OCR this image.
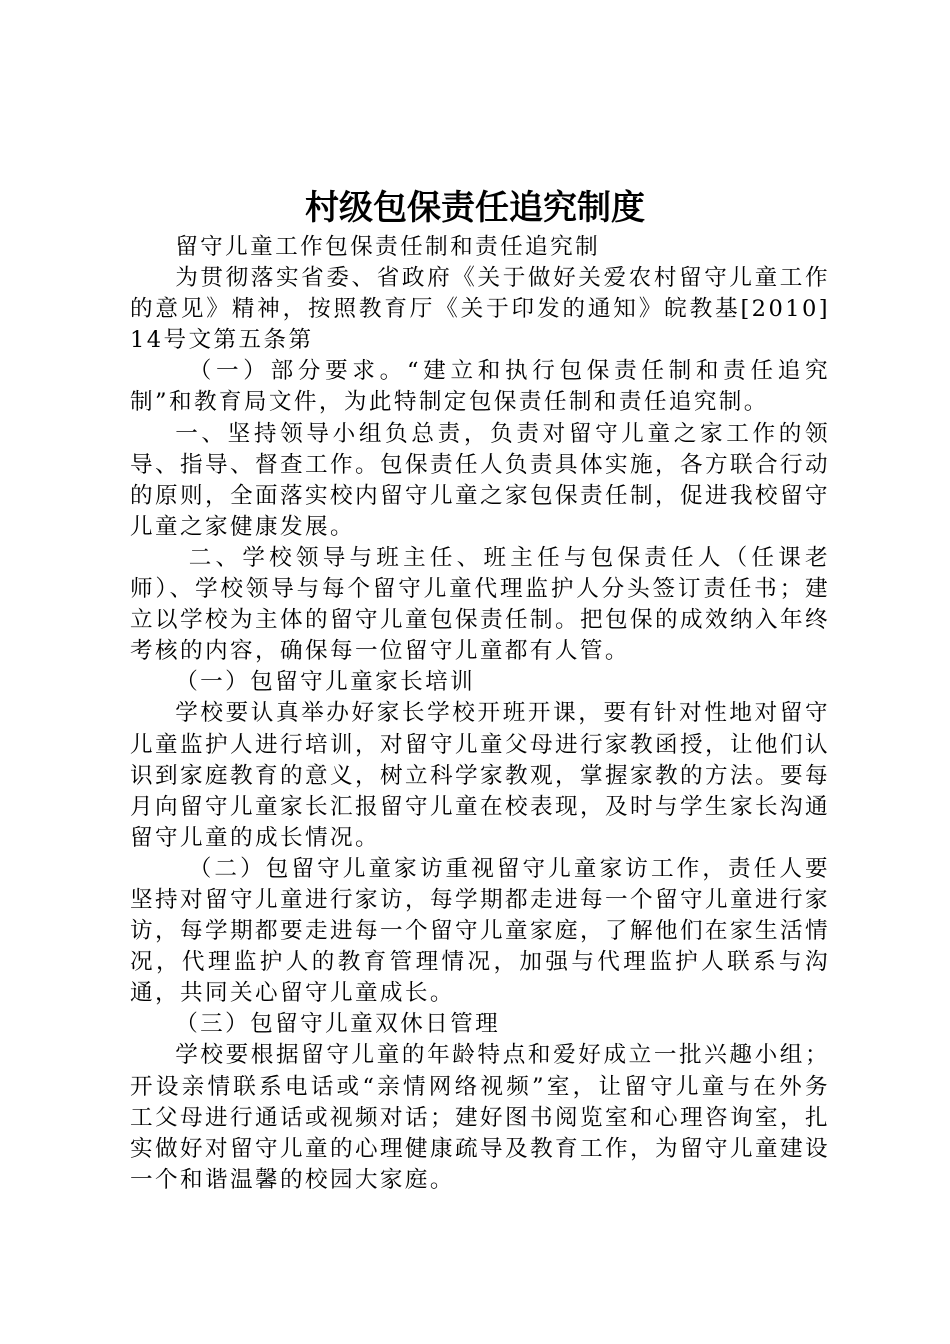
村级包保责任追究制度

留守儿童工作包保责任制和责任追究制

为贯彻落实省委、省政府《关于做好关爱农村留守儿童工作的意见》精神，按照教育厅《关于印发的通知》皖教基[2010]14号文第五条第

（一）部分要求。“建立和执行包保责任制和责任追究制”和教育局文件，为此特制定包保责任制和责任追究制。

一、坚持领导小组负总责，负责对留守儿童之家工作的领导、指导、督查工作。包保责任人负责具体实施，各方联合行动的原则，全面落实校内留守儿童之家包保责任制，促进我校留守儿童之家健康发展。

二、学校领导与班主任、班主任与包保责任人（任课老师）、学校领导与每个留守儿童代理监护人分头签订责任书；建立以学校为主体的留守儿童包保责任制。把包保的成效纳入年终考核的内容，确保每一位留守儿童都有人管。

（一）包留守儿童家长培训

学校要认真举办好家长学校开班开课，要有针对性地对留守儿童监护人进行培训，对留守儿童父母进行家教函授，让他们认识到家庭教育的意义，树立科学家教观，掌握家教的方法。要每月向留守儿童家长汇报留守儿童在校表现，及时与学生家长沟通留守儿童的成长情况。

（二）包留守儿童家访重视留守儿童家访工作，责任人要坚持对留守儿童进行家访，每学期都走进每一个留守儿童进行家访，每学期都要走进每一个留守儿童家庭，了解他们在家生活情况，代理监护人的教育管理情况，加强与代理监护人联系与沟通，共同关心留守儿童成长。

（三）包留守儿童双休日管理

学校要根据留守儿童的年龄特点和爱好成立一批兴趣小组；开设亲情联系电话或“亲情网络视频”室，让留守儿童与在外务工父母进行通话或视频对话；建好图书阅览室和心理咨询室，扎实做好对留守儿童的心理健康疏导及教育工作，为留守儿童建设一个和谐温馨的校园大家庭。
